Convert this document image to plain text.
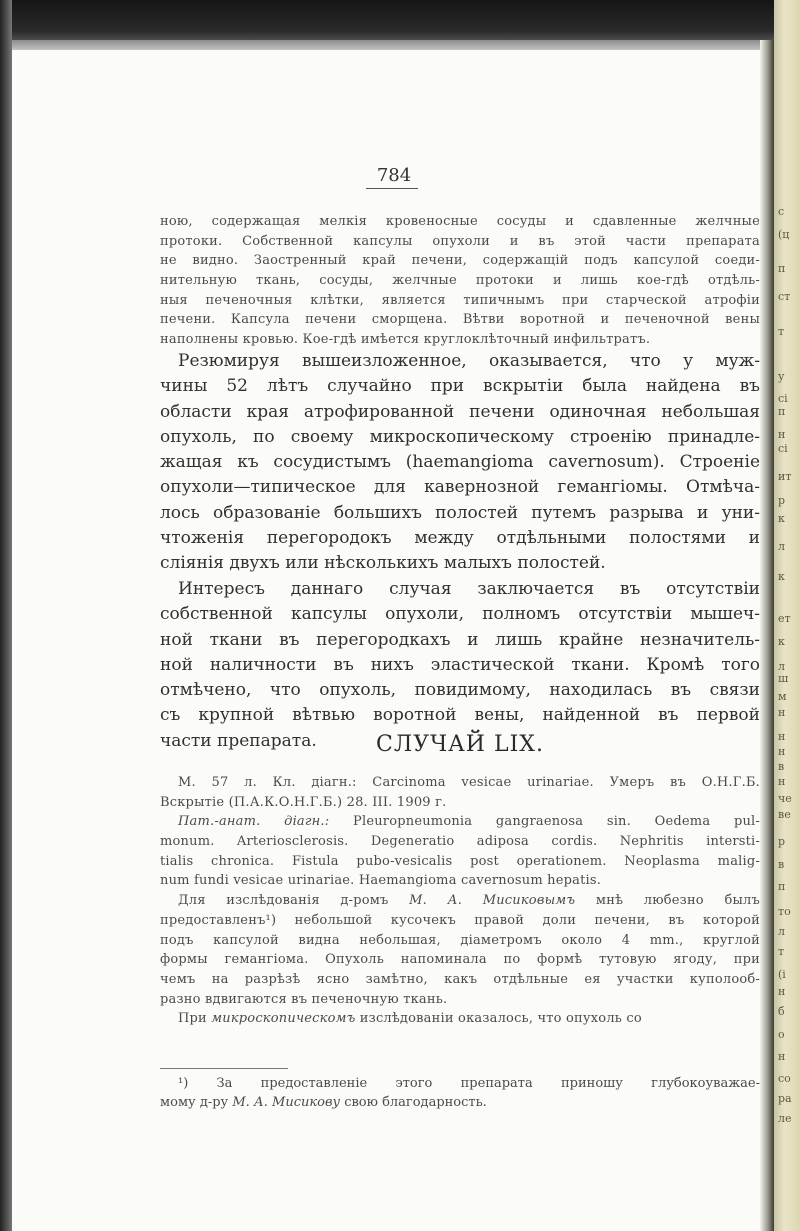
с
(ц
п
ст
т
у
сі
п
н
сі
ит
р
к
л
к
ет
к
л
ш
м
н
н
н
в
н
че
ве
р
в
п
то
л
т
(і
н
б
о
н
со
ра
ле
784
ною, содержащая мелкія кровеносные сосуды и сдавленные желчные
протоки. Собственной капсулы опухоли и въ этой части препарата
не видно. Заостренный край печени, содержащій подъ капсулой соеди-
нительную ткань, сосуды, желчные протоки и лишь кое-гдѣ отдѣль-
ныя печеночныя клѣтки, является типичнымъ при старческой атрофіи
печени. Капсула печени сморщена. Вѣтви воротной и печеночной вены
наполнены кровью. Кое-гдѣ имѣется круглоклѣточный инфильтратъ.
Резюмируя вышеизложенное, оказывается, что у муж-
чины 52 лѣтъ случайно при вскрытіи была найдена въ
области края атрофированной печени одиночная небольшая
опухоль, по своему микроскопическому строенію принадле-
жащая къ сосудистымъ (haemangioma cavernosum). Строеніе
опухоли—типическое для кавернозной гемангіомы. Отмѣча-
лось образованіе большихъ полостей путемъ разрыва и уни-
чтоженія перегородокъ между отдѣльными полостями и
сліянія двухъ или нѣсколькихъ малыхъ полостей.
Интересъ даннаго случая заключается въ отсутствіи
собственной капсулы опухоли, полномъ отсутствіи мышеч-
ной ткани въ перегородкахъ и лишь крайне незначитель-
ной наличности въ нихъ эластической ткани. Кромѣ того
отмѣчено, что опухоль, повидимому, находилась въ связи
съ крупной вѣтвью воротной вены, найденной въ первой
части препарата.	СЛУЧАЙ LIX.
М. 57 л. Кл. діагн.: Carcinoma vesicae urinariae. Умеръ въ О.Н.Г.Б.
Вскрытіе (П.А.К.О.Н.Г.Б.) 28. III. 1909 г.
Пат.-анат. діагн.: Pleuropneumonia gangraenosa sin. Oedema pul-
monum. Arteriosclerosis. Degeneratio adiposa cordis. Nephritis intersti-
tialis chronica. Fistula pubo-vesicalis post operationem. Neoplasma malig-
num fundi vesicae urinariae. Haemangioma cavernosum hepatis.
Для изслѣдованія д-ромъ М. А. Мисиковымъ мнѣ любезно былъ
предоставленъ¹) небольшой кусочекъ правой доли печени, въ которой
подъ капсулой видна небольшая, діаметромъ около 4 mm., круглой
формы гемангіома. Опухоль напоминала по формѣ тутовую ягоду, при
чемъ на разрѣзѣ ясно замѣтно, какъ отдѣльные ея участки куполооб-
разно вдвигаются въ печеночную ткань.
При микроскопическомъ изслѣдованіи оказалось, что опухоль со
¹) За предоставленіе этого препарата приношу глубокоуважае-
мому д-ру М. А. Мисикову свою благодарность.
